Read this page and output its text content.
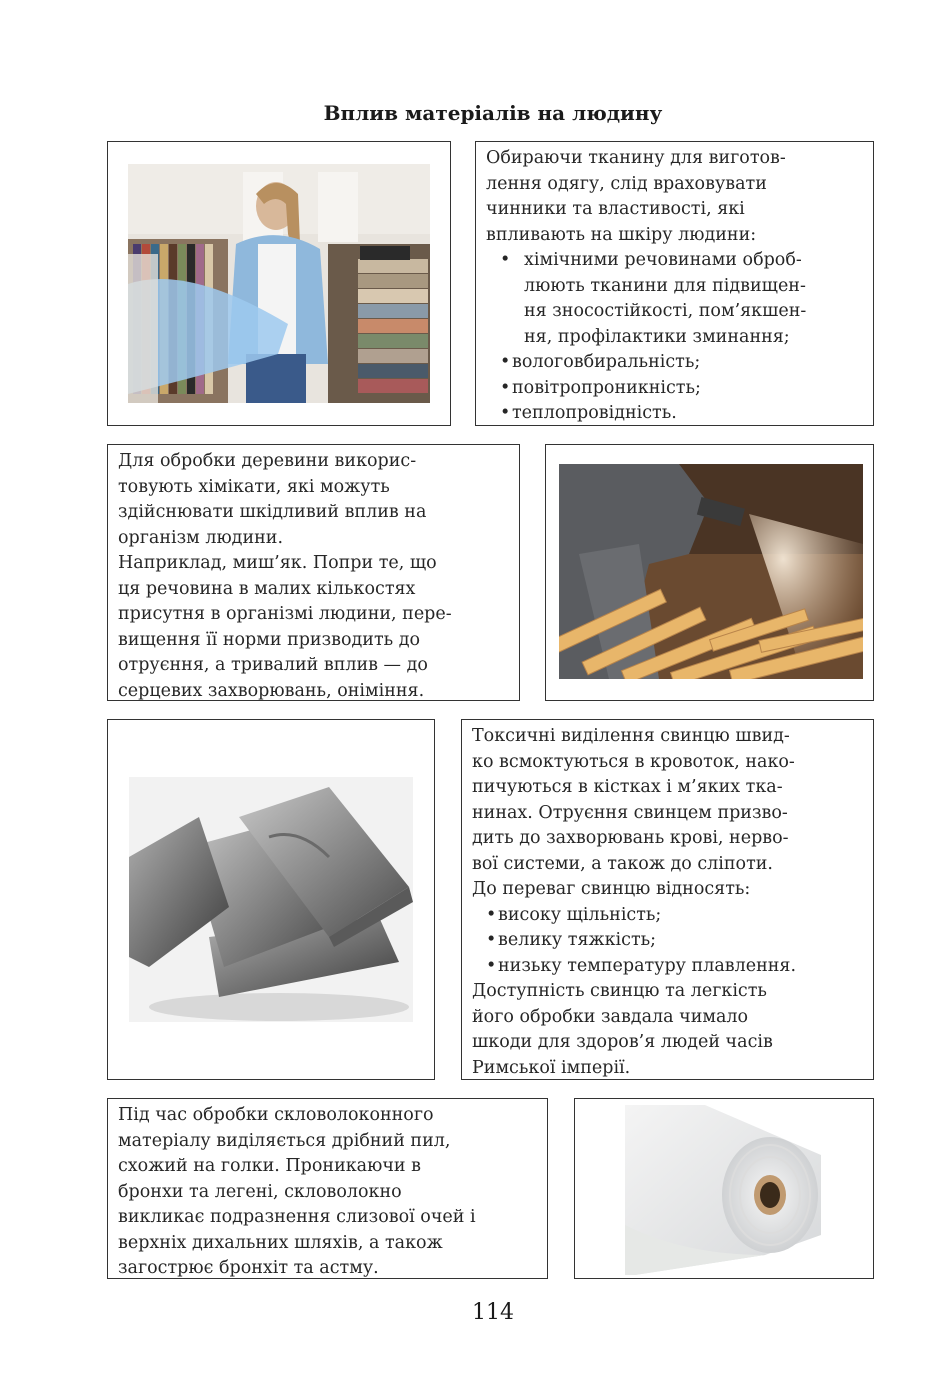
Вплив матеріалів на людину
Обираючи тканину для виготов-
лення одягу, слід враховувати
чинники та властивості, які
впливають на шкіру людини:
• хімічними речовинами оброб-
люють тканини для підвищен-
ня зносостійкості, пом’якшен-
ня, профілактики зминання;
• вологовбиральність;
• повітропроникність;
• теплопровідність.
Для обробки деревини викорис-
товують хімікати, які можуть
здійснювати шкідливий вплив на
організм людини.
Наприклад, миш’як. Попри те, що
ця речовина в малих кількостях
присутня в організмі людини, пере-
вищення її норми призводить до
отруєння, а тривалий вплив — до
серцевих захворювань, оніміння.
Токсичні виділення свинцю швид-
ко всмоктуються в кровоток, нако-
пичуються в кістках і м’яких тка-
нинах. Отруєння свинцем призво-
дить до захворювань крові, нерво-
вої системи, а також до сліпоти.
До переваг свинцю відносять:
• високу щільність;
• велику тяжкість;
• низьку температуру плавлення.
Доступність свинцю та легкість
його обробки завдала чимало
шкоди для здоров’я людей часів
Римської імперії.
Під час обробки скловолоконного
матеріалу виділяється дрібний пил,
схожий на голки. Проникаючи в
бронхи та легені, скловолокно
викликає подразнення слизової очей і
верхніх дихальних шляхів, а також
загострює бронхіт та астму.
114
